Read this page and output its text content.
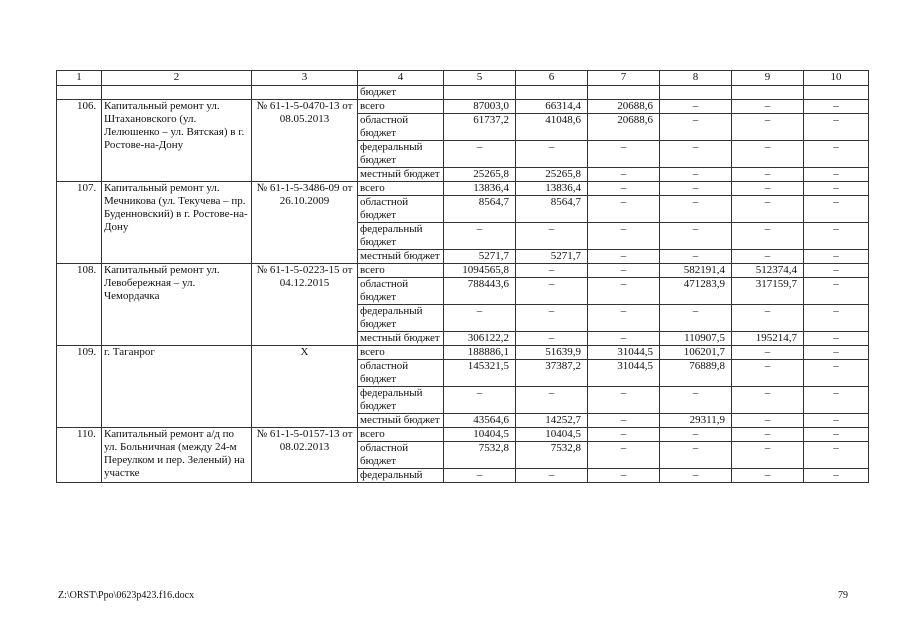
1	2	3	4	5	6	7	8	9	10
			бюджет						
106.	Капитальный ремонт ул. Штахановского (ул. Лелюшенко – ул. Вятская) в г. Ростове-на-Дону	№ 61-1-5-0470-13 от 08.05.2013	всего	87003,0	66314,4	20688,6	–	–	–
			областной бюджет	61737,2	41048,6	20688,6	–	–	–
			федеральный бюджет	–	–	–	–	–	–
			местный бюджет	25265,8	25265,8	–	–	–	–
107.	Капитальный ремонт ул. Мечникова (ул. Текучева – пр. Буденновский) в г. Ростове-на-Дону	№ 61-1-5-3486-09 от 26.10.2009	всего	13836,4	13836,4	–	–	–	–
			областной бюджет	8564,7	8564,7	–	–	–	–
			федеральный бюджет	–	–	–	–	–	–
			местный бюджет	5271,7	5271,7	–	–	–	–
108.	Капитальный ремонт ул. Левобережная – ул. Чемордачка	№ 61-1-5-0223-15 от 04.12.2015	всего	1094565,8	–	–	582191,4	512374,4	–
			областной бюджет	788443,6	–	–	471283,9	317159,7	–
			федеральный бюджет	–	–	–	–	–	–
			местный бюджет	306122,2	–	–	110907,5	195214,7	–
109.	г. Таганрог	Х	всего	188886,1	51639,9	31044,5	106201,7	–	–
			областной бюджет	145321,5	37387,2	31044,5	76889,8	–	–
			федеральный бюджет	–	–	–	–	–	–
			местный бюджет	43564,6	14252,7	–	29311,9	–	–
110.	Капитальный ремонт а/д по ул. Больничная (между 24-м Переулком и пер. Зеленый) на участке	№ 61-1-5-0157-13 от 08.02.2013	всего	10404,5	10404,5	–	–	–	–
			областной бюджет	7532,8	7532,8	–	–	–	–
			федеральный	–	–	–	–	–	–
Z:\ORST\Ppo\0623p423.f16.docx	79
